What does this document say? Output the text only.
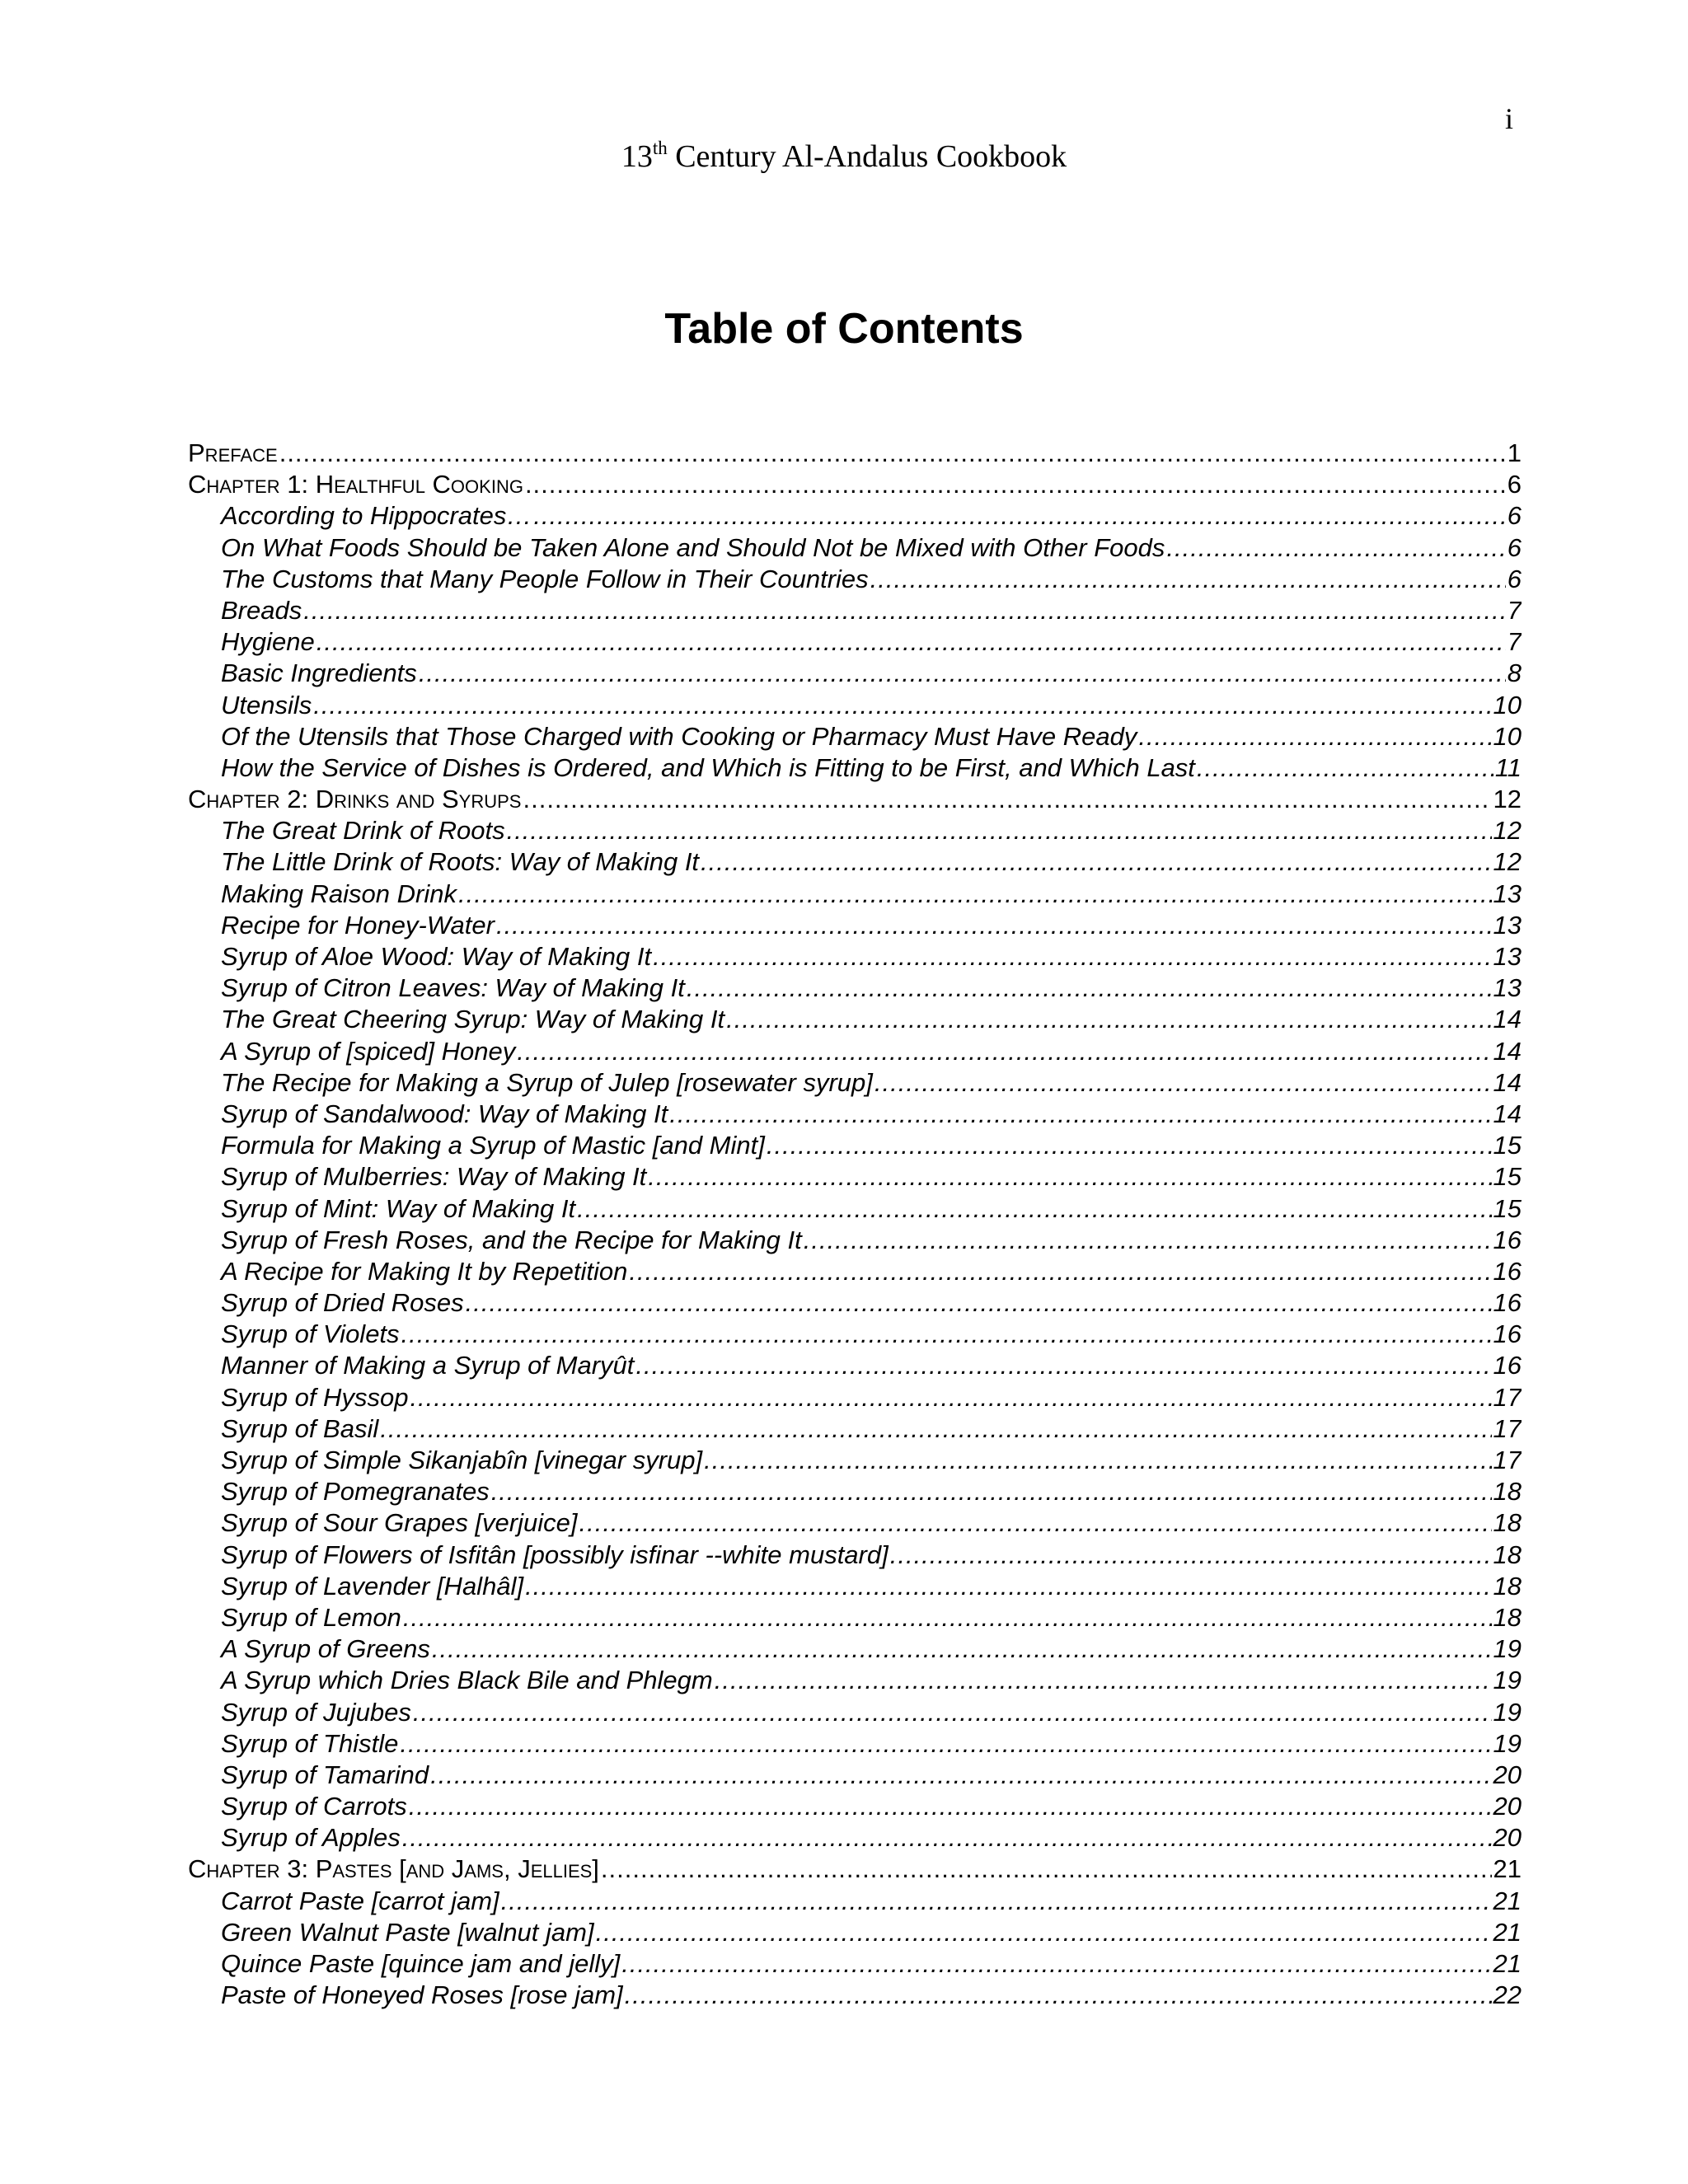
i
13th Century Al-Andalus Cookbook
Table of Contents
Preface .....	1
Chapter 1: Healthful Cooking .....	6
According to Hippocrates… .....	6
On What Foods Should be Taken Alone and Should Not be Mixed with Other Foods .....	6
The Customs that Many People Follow in Their Countries .....	6
Breads .....	7
Hygiene .....	7
Basic Ingredients .....	8
Utensils .....	10
Of the Utensils that Those Charged with Cooking or Pharmacy Must Have Ready .....	10
How the Service of Dishes is Ordered, and Which is Fitting to be First, and Which Last .....	11
Chapter 2: Drinks and Syrups .....	12
The Great Drink of Roots .....	12
The Little Drink of Roots: Way of Making It .....	12
Making Raison Drink .....	13
Recipe for Honey-Water .....	13
Syrup of Aloe Wood: Way of Making It .....	13
Syrup of Citron Leaves: Way of Making It .....	13
The Great Cheering Syrup: Way of Making It .....	14
A Syrup of [spiced] Honey .....	14
The Recipe for Making a Syrup of Julep [rosewater syrup] .....	14
Syrup of Sandalwood: Way of Making It .....	14
Formula for Making a Syrup of Mastic [and Mint] .....	15
Syrup of Mulberries: Way of Making It .....	15
Syrup of Mint: Way of Making It .....	15
Syrup of Fresh Roses, and the Recipe for Making It .....	16
A Recipe for Making It by Repetition .....	16
Syrup of Dried Roses .....	16
Syrup of Violets .....	16
Manner of Making a Syrup of Maryût .....	16
Syrup of Hyssop .....	17
Syrup of Basil .....	17
Syrup of Simple Sikanjabîn [vinegar syrup] .....	17
Syrup of Pomegranates .....	18
Syrup of Sour Grapes [verjuice] .....	18
Syrup of Flowers of Isfitân [possibly isfinar --white mustard] .....	18
Syrup of Lavender [Halhâl] .....	18
Syrup of Lemon .....	18
A Syrup of Greens .....	19
A Syrup which Dries Black Bile and Phlegm .....	19
Syrup of Jujubes .....	19
Syrup of Thistle .....	19
Syrup of Tamarind .....	20
Syrup of Carrots .....	20
Syrup of Apples .....	20
Chapter 3: Pastes [and Jams, Jellies] .....	21
Carrot Paste [carrot jam] .....	21
Green Walnut Paste [walnut jam] .....	21
Quince Paste [quince jam and jelly] .....	21
Paste of Honeyed Roses [rose jam] .....	22
